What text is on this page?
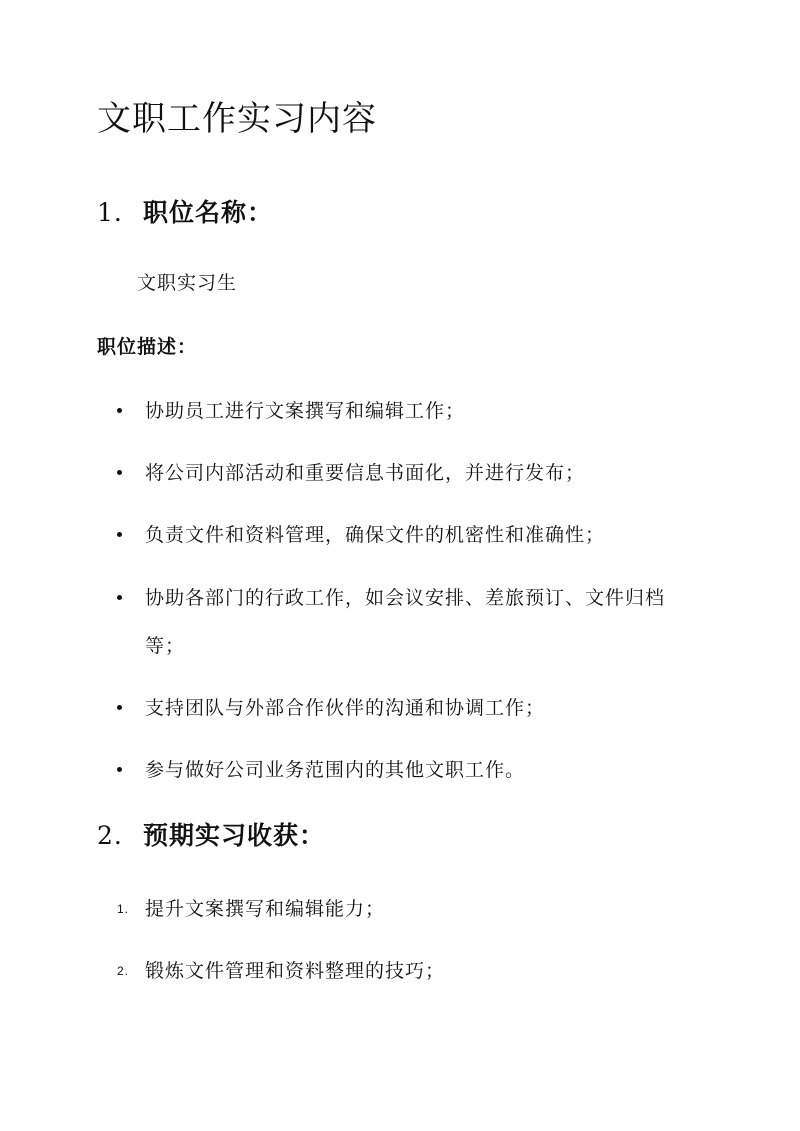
文职工作实习内容
1. 职位名称：
文职实习生
职位描述：
协助员工进行文案撰写和编辑工作；
将公司内部活动和重要信息书面化，并进行发布；
负责文件和资料管理，确保文件的机密性和准确性；
协助各部门的行政工作，如会议安排、差旅预订、文件归档
等；
支持团队与外部合作伙伴的沟通和协调工作；
参与做好公司业务范围内的其他文职工作。
2. 预期实习收获：
1. 提升文案撰写和编辑能力；
2. 锻炼文件管理和资料整理的技巧；
